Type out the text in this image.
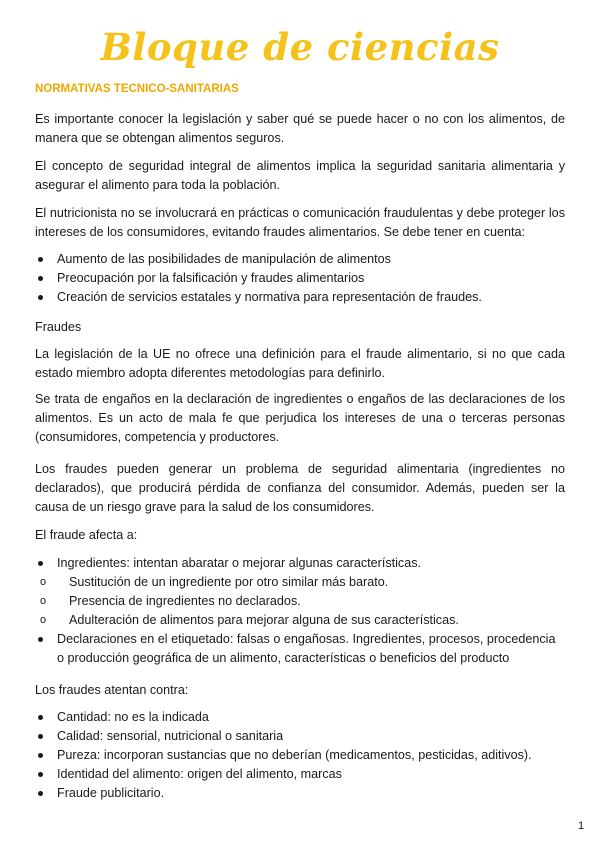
Bloque de ciencias
NORMATIVAS TECNICO-SANITARIAS

Es importante conocer la legislación y saber qué se puede hacer o no con los alimentos, de manera que se obtengan alimentos seguros.

El concepto de seguridad integral de alimentos implica la seguridad sanitaria alimentaria y asegurar el alimento para toda la población.

El nutricionista no se involucrará en prácticas o comunicación fraudulentas y debe proteger los intereses de los consumidores, evitando fraudes alimentarios. Se debe tener en cuenta:

Aumento de las posibilidades de manipulación de alimentos
Preocupación por la falsificación y fraudes alimentarios
Creación de servicios estatales y normativa para representación de fraudes.

Fraudes

La legislación de la UE no ofrece una definición para el fraude alimentario, si no que cada estado miembro adopta diferentes metodologías para definirlo.

Se trata de engaños en la declaración de ingredientes o engaños de las declaraciones de los alimentos. Es un acto de mala fe que perjudica los intereses de una o terceras personas (consumidores, competencia y productores.

Los fraudes pueden generar un problema de seguridad alimentaria (ingredientes no declarados), que producirá pérdida de confianza del consumidor. Además, pueden ser la causa de un riesgo grave para la salud de los consumidores.

El fraude afecta a:

Ingredientes: intentan abaratar o mejorar algunas características.
o Sustitución de un ingrediente por otro similar más barato.
o Presencia de ingredientes no declarados.
o Adulteración de alimentos para mejorar alguna de sus características.
Declaraciones en el etiquetado: falsas o engañosas. Ingredientes, procesos, procedencia o producción geográfica de un alimento, características o beneficios del producto

Los fraudes atentan contra:

Cantidad: no es la indicada
Calidad: sensorial, nutricional o sanitaria
Pureza: incorporan sustancias que no deberían (medicamentos, pesticidas, aditivos).
Identidad del alimento: origen del alimento, marcas
Fraude publicitario.
1
